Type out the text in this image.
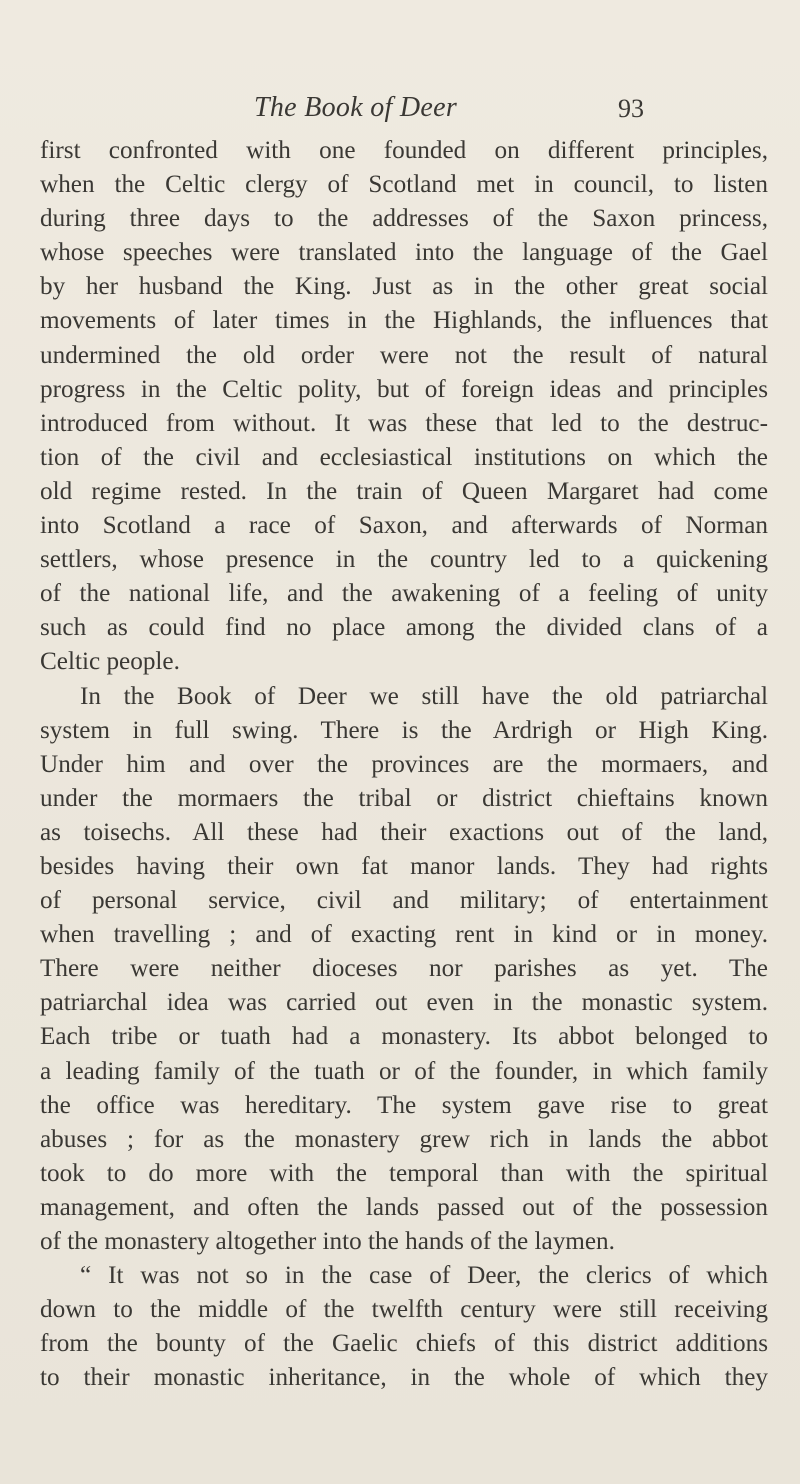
The Book of Deer	93
first confronted with one founded on different principles,
when the Celtic clergy of Scotland met in council, to listen
during three days to the addresses of the Saxon princess,
whose speeches were translated into the language of the Gael
by her husband the King. Just as in the other great social
movements of later times in the Highlands, the influences that
undermined the old order were not the result of natural
progress in the Celtic polity, but of foreign ideas and principles
introduced from without. It was these that led to the destruc-
tion of the civil and ecclesiastical institutions on which the
old regime rested. In the train of Queen Margaret had come
into Scotland a race of Saxon, and afterwards of Norman
settlers, whose presence in the country led to a quickening
of the national life, and the awakening of a feeling of unity
such as could find no place among the divided clans of a
Celtic people.
In the Book of Deer we still have the old patriarchal
system in full swing. There is the Ardrigh or High King.
Under him and over the provinces are the mormaers, and
under the mormaers the tribal or district chieftains known
as toisechs. All these had their exactions out of the land,
besides having their own fat manor lands. They had rights
of personal service, civil and military; of entertainment
when travelling ; and of exacting rent in kind or in money.
There were neither dioceses nor parishes as yet. The
patriarchal idea was carried out even in the monastic system.
Each tribe or tuath had a monastery. Its abbot belonged to
a leading family of the tuath or of the founder, in which family
the office was hereditary. The system gave rise to great
abuses ; for as the monastery grew rich in lands the abbot
took to do more with the temporal than with the spiritual
management, and often the lands passed out of the possession
of the monastery altogether into the hands of the laymen.
“ It was not so in the case of Deer, the clerics of which
down to the middle of the twelfth century were still receiving
from the bounty of the Gaelic chiefs of this district additions
to their monastic inheritance, in the whole of which they
